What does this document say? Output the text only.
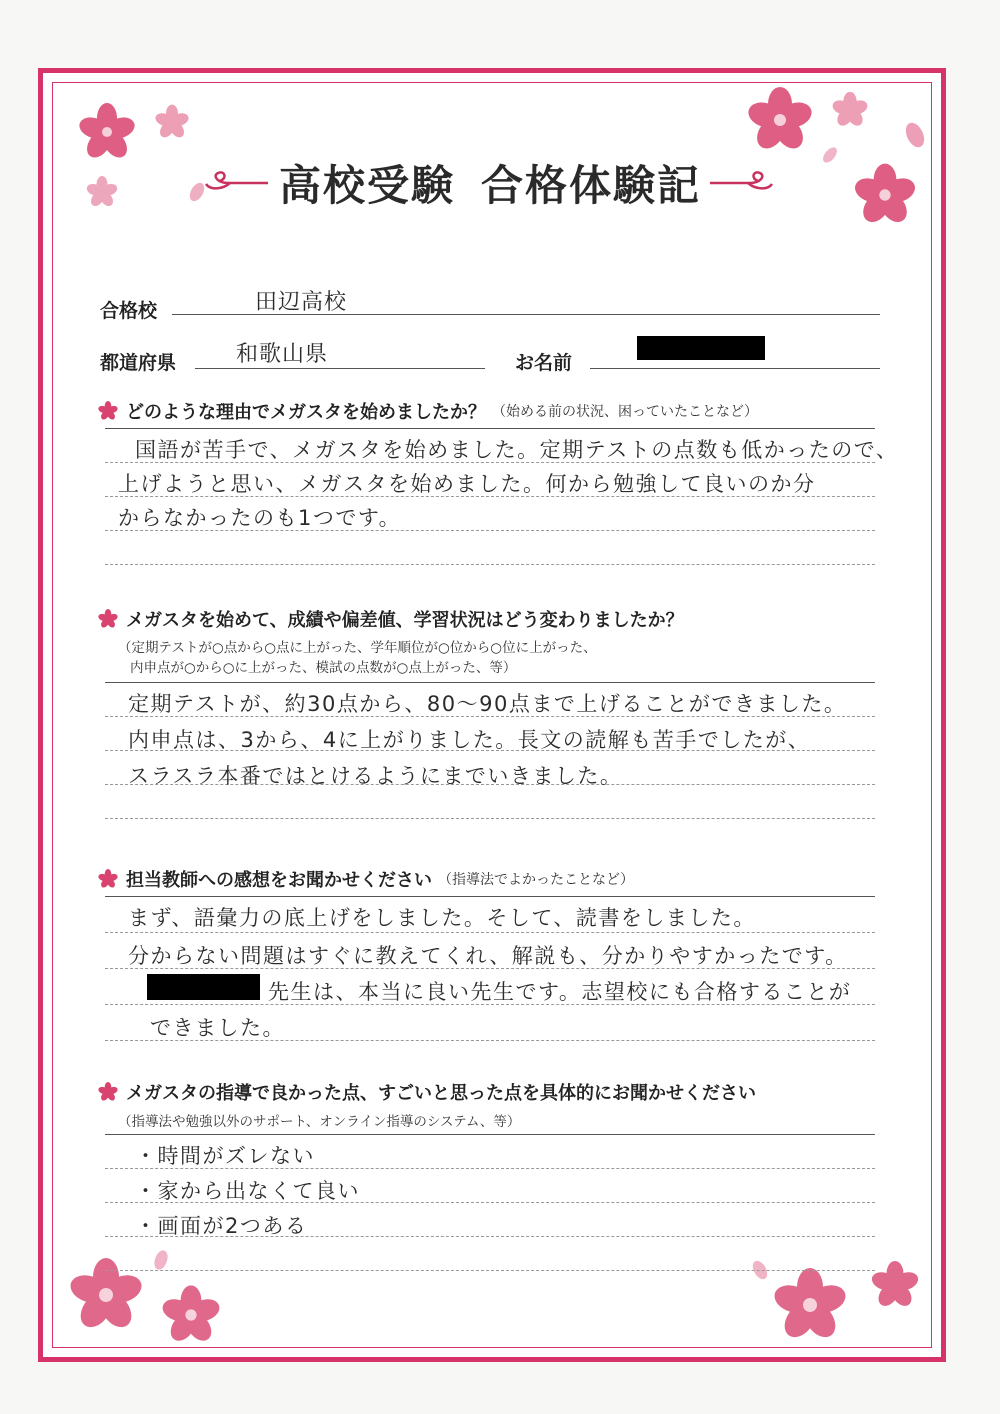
高校受験 合格体験記
合格校	田辺高校
都道府県	和歌山県	お名前
どのような理由でメガスタを始めましたか？ （始める前の状況、困っていたことなど）
国語が苦手で、メガスタを始めました。定期テストの点数も低かったので、
上げようと思い、メガスタを始めました。何から勉強して良いのか分
からなかったのも1つです。
メガスタを始めて、成績や偏差値、学習状況はどう変わりましたか？
（定期テストが○点から○点に上がった、学年順位が○位から○位に上がった、
内申点が○から○に上がった、模試の点数が○点上がった、等）
定期テストが、約30点から、80～90点まで上げることができました。
内申点は、3から、4に上がりました。長文の読解も苦手でしたが、
スラスラ本番ではとけるようにまでいきました。
担当教師への感想をお聞かせください （指導法でよかったことなど）
まず、語彙力の底上げをしました。そして、読書をしました。
分からない問題はすぐに教えてくれ、解説も、分かりやすかったです。
先生は、本当に良い先生です。志望校にも合格することが
できました。
メガスタの指導で良かった点、すごいと思った点を具体的にお聞かせください
（指導法や勉強以外のサポート、オンライン指導のシステム、等）
・時間がズレない
・家から出なくて良い
・画面が2つある
